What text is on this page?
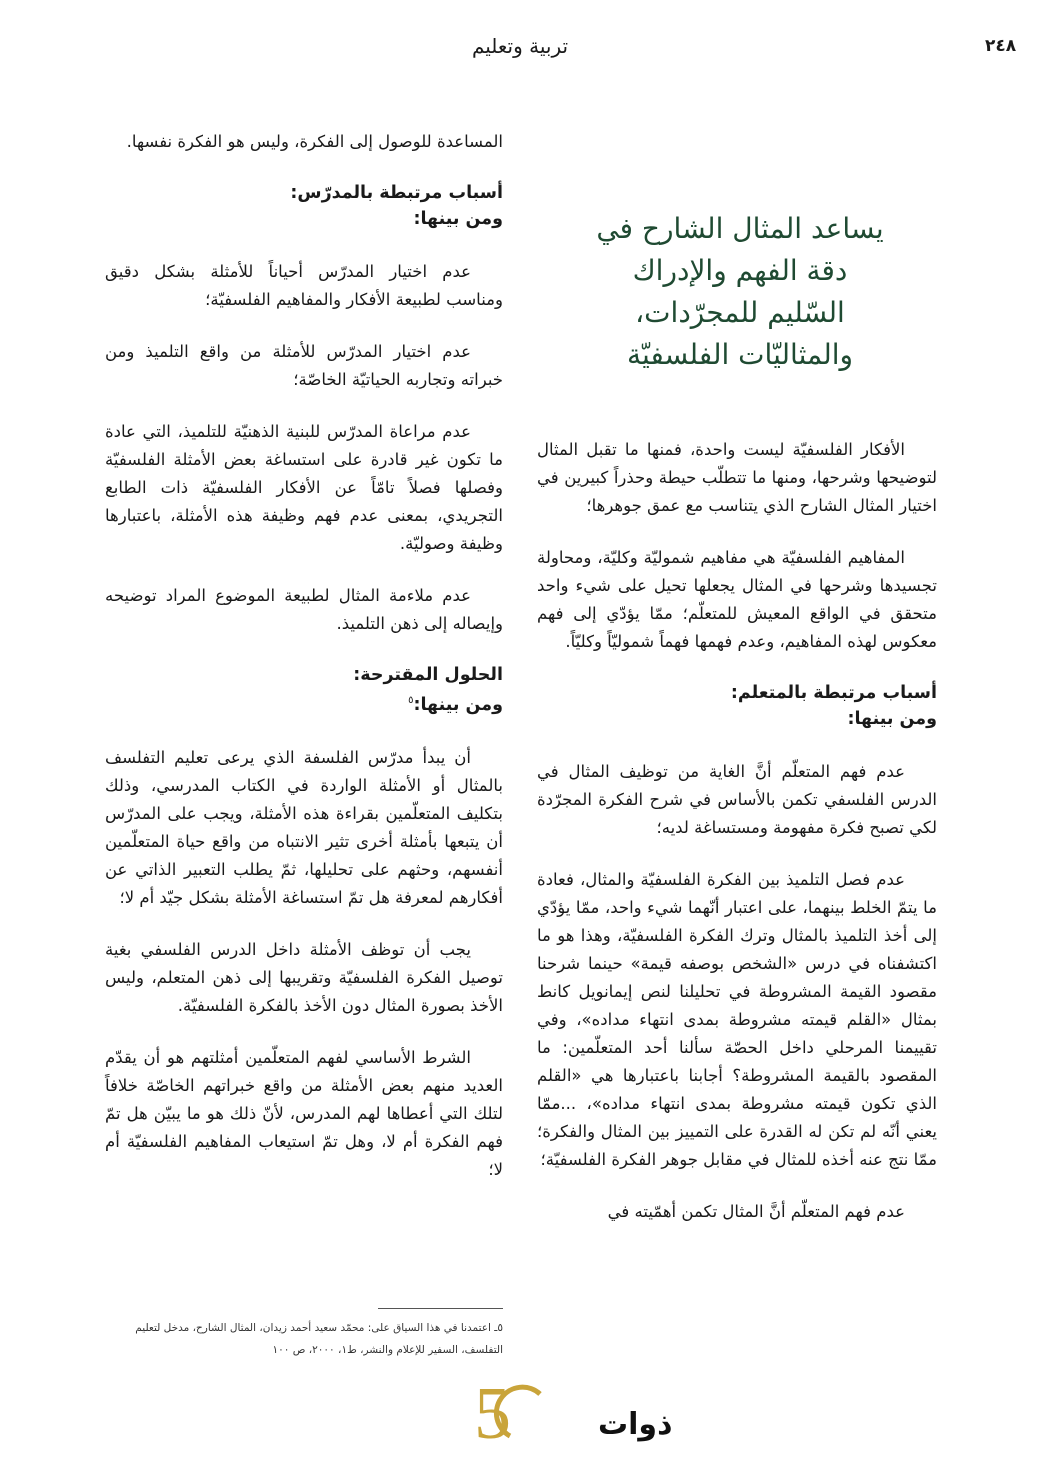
٢٤٨
تربية وتعليم

المساعدة للوصول إلى الفكرة، وليس هو الفكرة نفسها.

أسباب مرتبطة بالمدرّس:
ومن بينها:

عدم اختيار المدرّس أحياناً للأمثلة بشكل دقيق ومناسب لطبيعة الأفكار والمفاهيم الفلسفيّة؛

عدم اختيار المدرّس للأمثلة من واقع التلميذ ومن خبراته وتجاربه الحياتيّة الخاصّة؛

عدم مراعاة المدرّس للبنية الذهنيّة للتلميذ، التي عادة ما تكون غير قادرة على استساغة بعض الأمثلة الفلسفيّة وفصلها فصلاً تامّاً عن الأفكار الفلسفيّة ذات الطابع التجريدي، بمعنى عدم فهم وظيفة هذه الأمثلة، باعتبارها وظيفة وصوليّة.

عدم ملاءمة المثال لطبيعة الموضوع المراد توضيحه وإيصاله إلى ذهن التلميذ.

الحلول المقترحة:
ومن بينها:$^٥$

أن يبدأ مدرّس الفلسفة الذي يرعى تعليم التفلسف بالمثال أو الأمثلة الواردة في الكتاب المدرسي، وذلك بتكليف المتعلّمين بقراءة هذه الأمثلة، ويجب على المدرّس أن يتبعها بأمثلة أخرى تثير الانتباه من واقع حياة المتعلّمين أنفسهم، وحثهم على تحليلها، ثمّ يطلب التعبير الذاتي عن أفكارهم لمعرفة هل تمّ استساغة الأمثلة بشكل جيّد أم لا؛

يجب أن توظف الأمثلة داخل الدرس الفلسفي بغية توصيل الفكرة الفلسفيّة وتقريبها إلى ذهن المتعلم، وليس الأخذ بصورة المثال دون الأخذ بالفكرة الفلسفيّة.

الشرط الأساسي لفهم المتعلّمين أمثلتهم هو أن يقدّم العديد منهم بعض الأمثلة من واقع خبراتهم الخاصّة خلافاً لتلك التي أعطاها لهم المدرس، لأنّ ذلك هو ما يبيّن هل تمّ فهم الفكرة أم لا، وهل تمّ استيعاب المفاهيم الفلسفيّة أم لا؛

يساعد المثال الشارح في
دقة الفهم والإدراك
السّليم للمجرّدات،
والمثاليّات الفلسفيّة

الأفكار الفلسفيّة ليست واحدة، فمنها ما تقبل المثال لتوضيحها وشرحها، ومنها ما تتطلّب حيطة وحذراً كبيرين في اختيار المثال الشارح الذي يتناسب مع عمق جوهرها؛

المفاهيم الفلسفيّة هي مفاهيم شموليّة وكليّة، ومحاولة تجسيدها وشرحها في المثال يجعلها تحيل على شيء واحد متحقق في الواقع المعيش للمتعلّم؛ ممّا يؤدّي إلى فهم معكوس لهذه المفاهيم، وعدم فهمها فهماً شموليّاً وكليّاً.

أسباب مرتبطة بالمتعلم:
ومن بينها:

عدم فهم المتعلّم أنَّ الغاية من توظيف المثال في الدرس الفلسفي تكمن بالأساس في شرح الفكرة المجرّدة لكي تصبح فكرة مفهومة ومستساغة لديه؛

عدم فصل التلميذ بين الفكرة الفلسفيّة والمثال، فعادة ما يتمّ الخلط بينهما، على اعتبار أنّهما شيء واحد، ممّا يؤدّي إلى أخذ التلميذ بالمثال وترك الفكرة الفلسفيّة، وهذا هو ما اكتشفناه في درس «الشخص بوصفه قيمة» حينما شرحنا مقصود القيمة المشروطة في تحليلنا لنص إيمانويل كانط بمثال «القلم قيمته مشروطة بمدى انتهاء مداده»، وفي تقييمنا المرحلي داخل الحصّة سألنا أحد المتعلّمين: ما المقصود بالقيمة المشروطة؟ أجابنا باعتبارها هي «القلم الذي تكون قيمته مشروطة بمدى انتهاء مداده»، ...ممّا يعني أنّه لم تكن له القدرة على التمييز بين المثال والفكرة؛ ممّا نتج عنه أخذه للمثال في مقابل جوهر الفكرة الفلسفيّة؛

عدم فهم المتعلّم أنَّ المثال تكمن أهمّيته في

٥ـ اعتمدنا في هذا السياق على: محمّد سعيد أحمد زيدان، المثال الشارح، مدخل لتعليم التفلسف، السفير للإعلام والنشر، ط١، ٢٠٠٠، ص ١٠٠
5	ذوات
